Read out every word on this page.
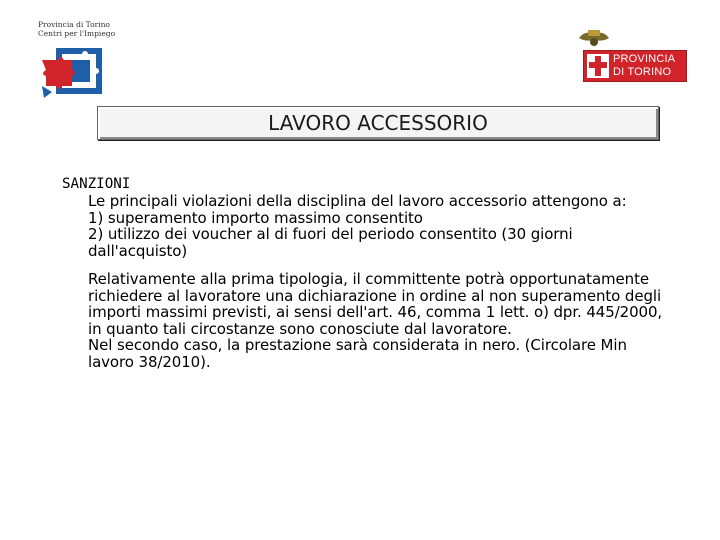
Provincia di Torino
Centri per l'Impiego
PROVINCIA
DI TORINO
LAVORO ACCESSORIO
SANZIONI
Le principali violazioni della disciplina del lavoro accessorio attengono a:
1) superamento importo massimo consentito
2) utilizzo dei voucher al di fuori del periodo consentito (30 giorni dall'acquisto)
Relativamente alla prima tipologia, il committente potrà opportunatamente richiedere al lavoratore una dichiarazione in ordine al non superamento degli importi massimi previsti, ai sensi dell'art. 46, comma 1 lett. o) dpr. 445/2000, in quanto tali circostanze sono conosciute dal lavoratore.
Nel secondo caso, la prestazione sarà considerata in nero. (Circolare Min lavoro 38/2010).
